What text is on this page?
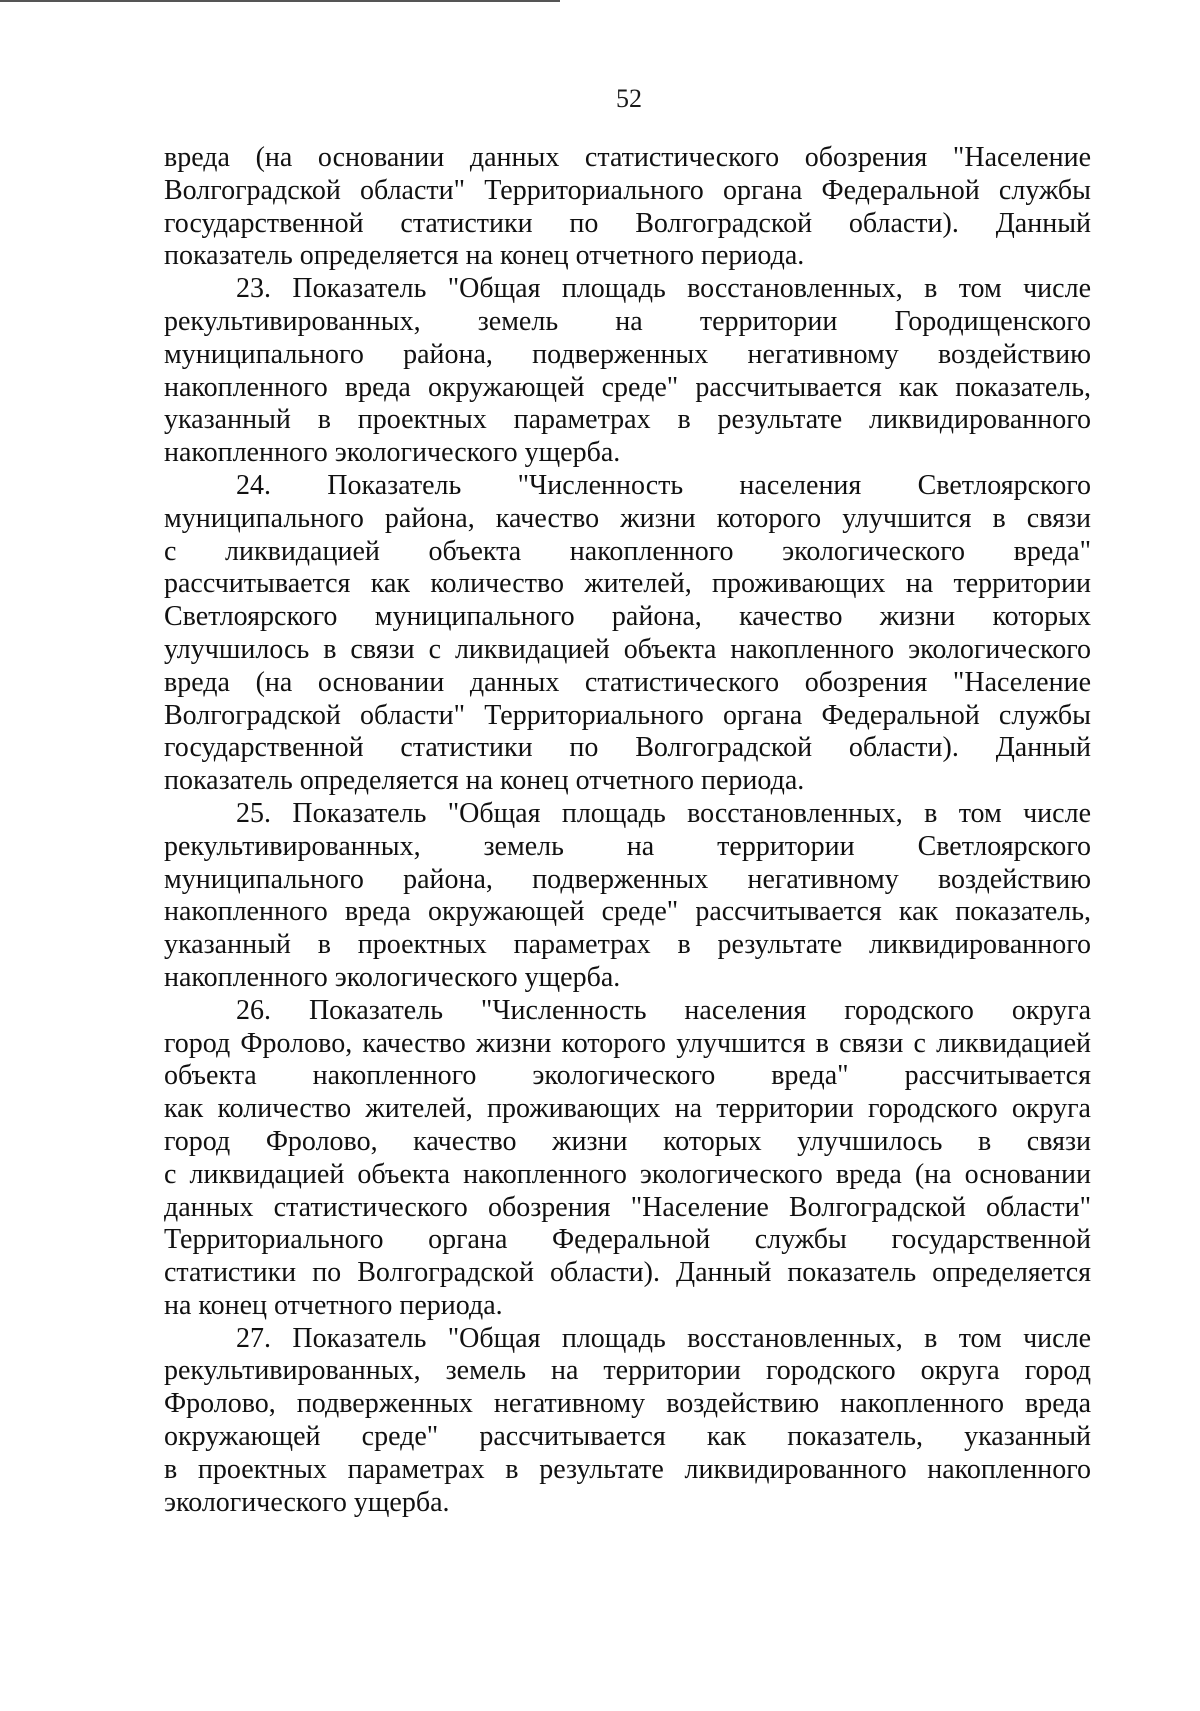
52

вреда (на основании данных статистического обозрения "Население
Волгоградской области" Территориального органа Федеральной службы
государственной статистики по Волгоградской области). Данный
показатель определяется на конец отчетного периода.

23. Показатель "Общая площадь восстановленных, в том числе
рекультивированных, земель на территории Городищенского
муниципального района, подверженных негативному воздействию
накопленного вреда окружающей среде" рассчитывается как показатель,
указанный в проектных параметрах в результате ликвидированного
накопленного экологического ущерба.

24. Показатель "Численность населения Светлоярского
муниципального района, качество жизни которого улучшится в связи
с ликвидацией объекта накопленного экологического вреда"
рассчитывается как количество жителей, проживающих на территории
Светлоярского муниципального района, качество жизни которых
улучшилось в связи с ликвидацией объекта накопленного экологического
вреда (на основании данных статистического обозрения "Население
Волгоградской области" Территориального органа Федеральной службы
государственной статистики по Волгоградской области). Данный
показатель определяется на конец отчетного периода.

25. Показатель "Общая площадь восстановленных, в том числе
рекультивированных, земель на территории Светлоярского
муниципального района, подверженных негативному воздействию
накопленного вреда окружающей среде" рассчитывается как показатель,
указанный в проектных параметрах в результате ликвидированного
накопленного экологического ущерба.

26. Показатель "Численность населения городского округа
город Фролово, качество жизни которого улучшится в связи с ликвидацией
объекта накопленного экологического вреда" рассчитывается
как количество жителей, проживающих на территории городского округа
город Фролово, качество жизни которых улучшилось в связи
с ликвидацией объекта накопленного экологического вреда (на основании
данных статистического обозрения "Население Волгоградской области"
Территориального органа Федеральной службы государственной
статистики по Волгоградской области). Данный показатель определяется
на конец отчетного периода.

27. Показатель "Общая площадь восстановленных, в том числе
рекультивированных, земель на территории городского округа город
Фролово, подверженных негативному воздействию накопленного вреда
окружающей среде" рассчитывается как показатель, указанный
в проектных параметрах в результате ликвидированного накопленного
экологического ущерба.
